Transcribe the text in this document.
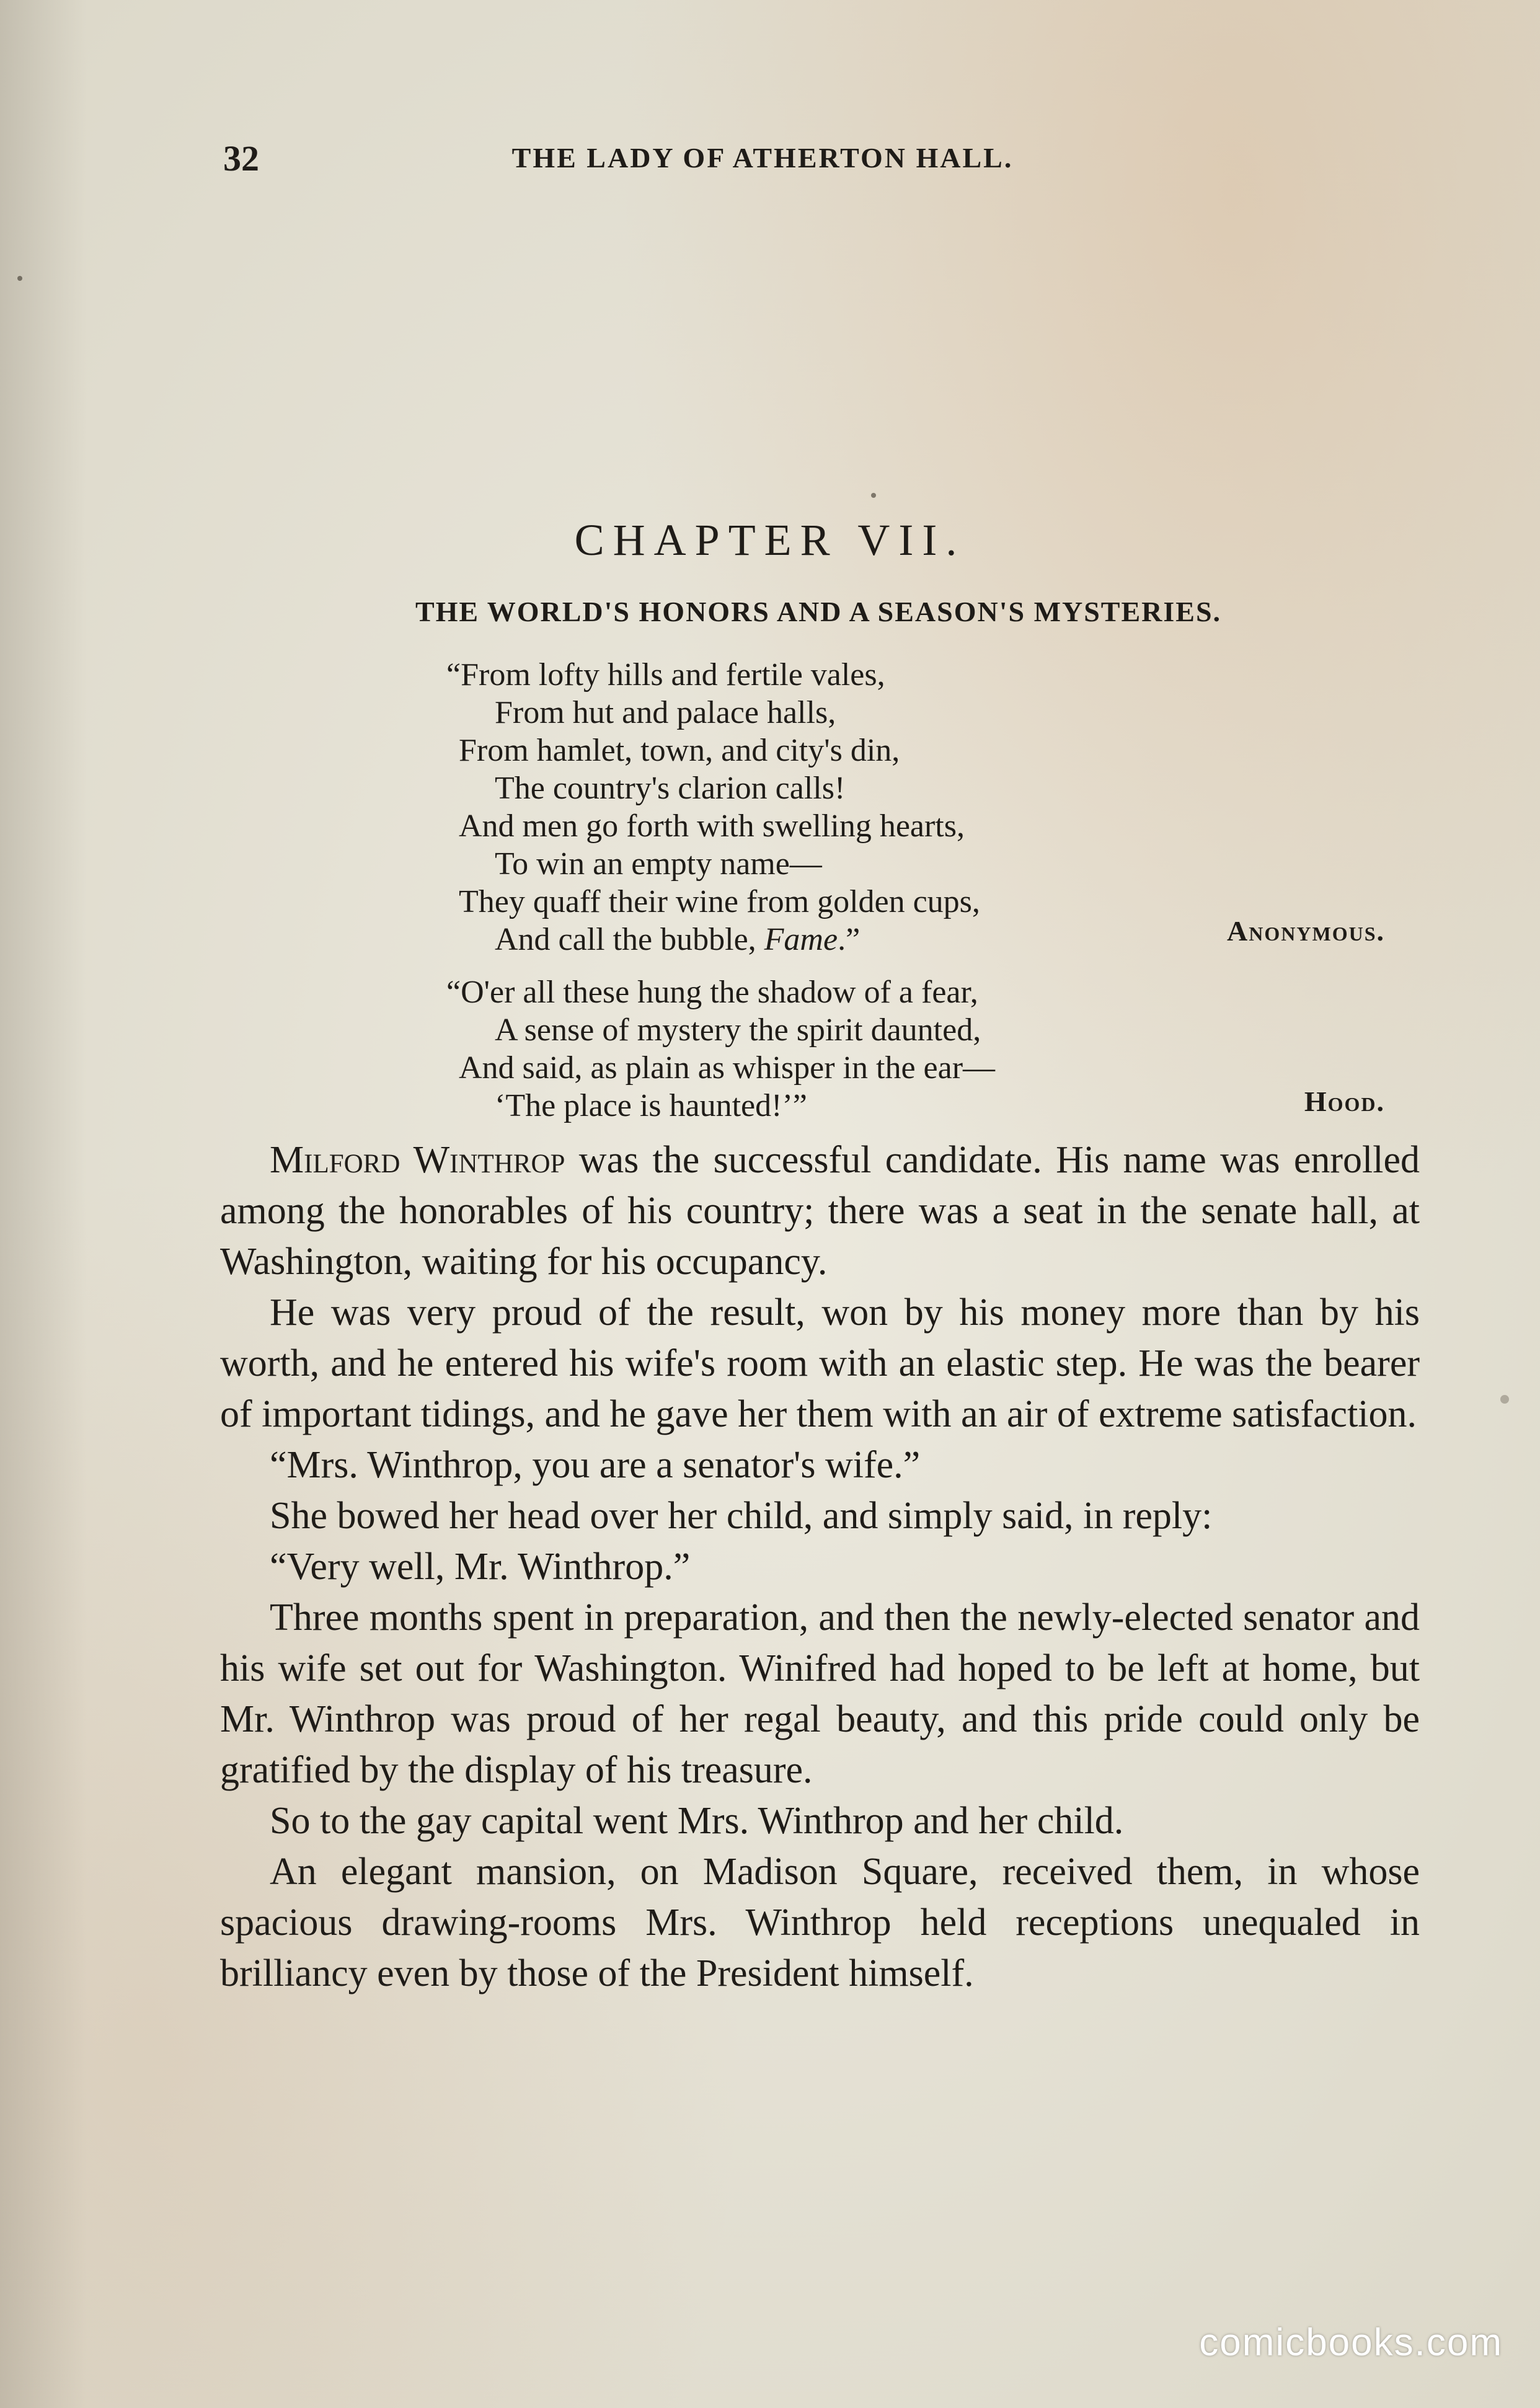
32	THE LADY OF ATHERTON HALL.
CHAPTER VII.
THE WORLD'S HONORS AND A SEASON'S MYSTERIES.
“From lofty hills and fertile vales,
From hut and palace halls,
From hamlet, town, and city's din,
The country's clarion calls!
And men go forth with swelling hearts,
To win an empty name—
They quaff their wine from golden cups,
And call the bubble, Fame.”	Anonymous.
“O'er all these hung the shadow of a fear,
A sense of mystery the spirit daunted,
And said, as plain as whisper in the ear—
‘The place is haunted!’”	Hood.

Milford Winthrop was the successful candidate. His name was enrolled among the honorables of his country; there was a seat in the senate hall, at Washington, waiting for his occupancy.

He was very proud of the result, won by his money more than by his worth, and he entered his wife's room with an elastic step. He was the bearer of important tidings, and he gave her them with an air of extreme satisfaction.

“Mrs. Winthrop, you are a senator's wife.”

She bowed her head over her child, and simply said, in reply:

“Very well, Mr. Winthrop.”

Three months spent in preparation, and then the newly-elected senator and his wife set out for Washington. Winifred had hoped to be left at home, but Mr. Winthrop was proud of her regal beauty, and this pride could only be gratified by the display of his treasure.

So to the gay capital went Mrs. Winthrop and her child.

An elegant mansion, on Madison Square, received them, in whose spacious drawing-rooms Mrs. Winthrop held receptions unequaled in brilliancy even by those of the President himself.

comicbooks.com
